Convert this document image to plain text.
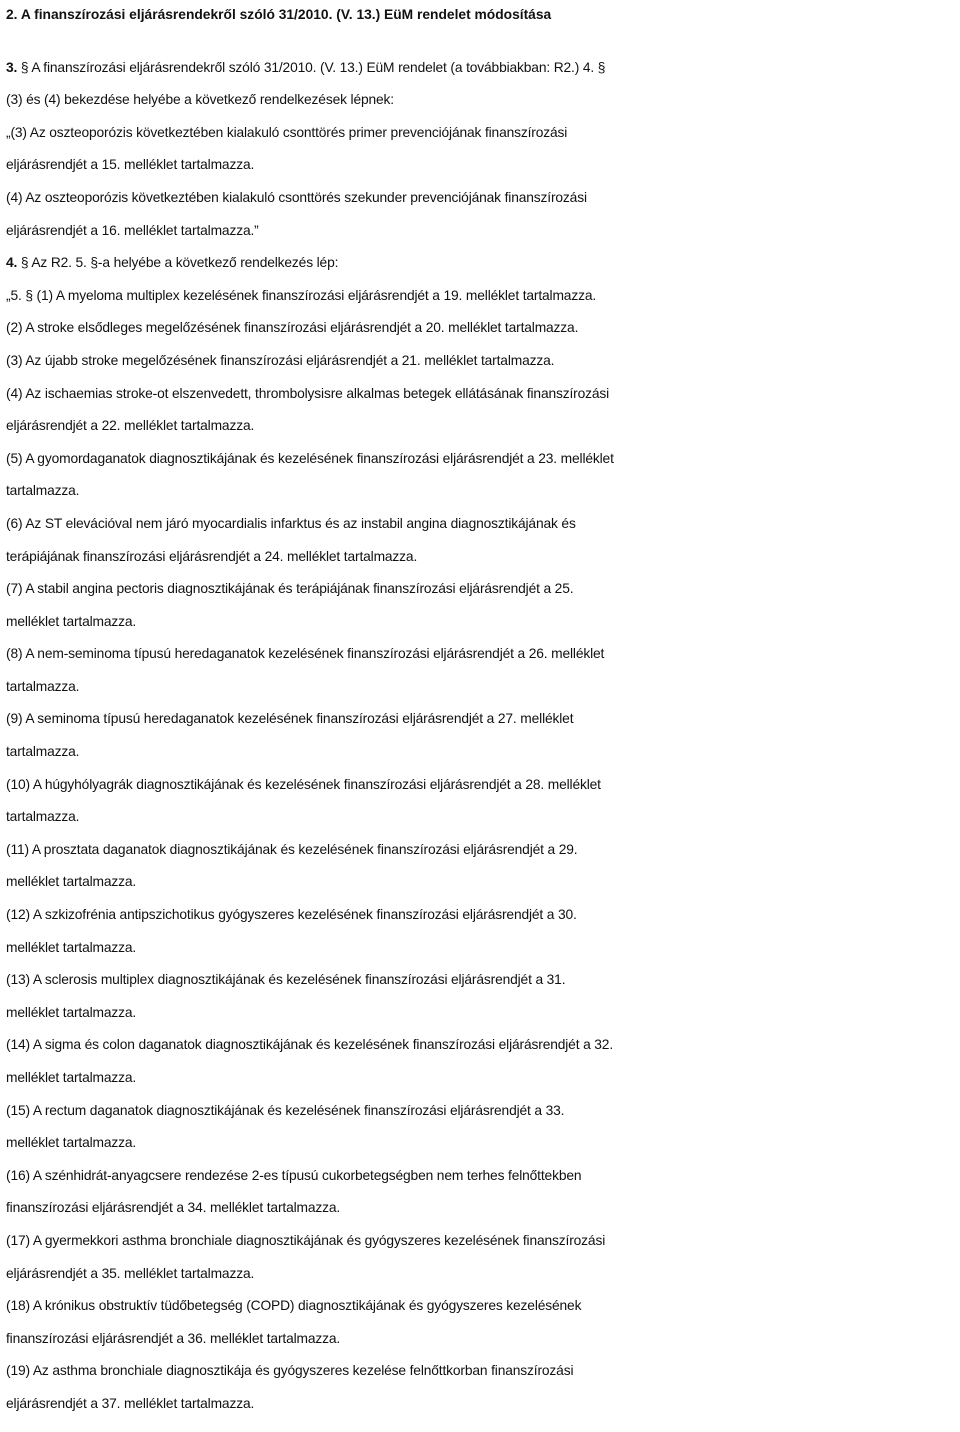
2. A finanszírozási eljárásrendekről szóló 31/2010. (V. 13.) EüM rendelet módosítása
3. § A finanszírozási eljárásrendekről szóló 31/2010. (V. 13.) EüM rendelet (a továbbiakban: R2.) 4. §
(3) és (4) bekezdése helyébe a következő rendelkezések lépnek:
„(3) Az oszteoporózis következtében kialakuló csonttörés primer prevenciójának finanszírozási
eljárásrendjét a 15. melléklet tartalmazza.
(4) Az oszteoporózis következtében kialakuló csonttörés szekunder prevenciójának finanszírozási
eljárásrendjét a 16. melléklet tartalmazza.”
4. § Az R2. 5. §-a helyébe a következő rendelkezés lép:
„5. § (1) A myeloma multiplex kezelésének finanszírozási eljárásrendjét a 19. melléklet tartalmazza.
(2) A stroke elsődleges megelőzésének finanszírozási eljárásrendjét a 20. melléklet tartalmazza.
(3) Az újabb stroke megelőzésének finanszírozási eljárásrendjét a 21. melléklet tartalmazza.
(4) Az ischaemias stroke-ot elszenvedett, thrombolysisre alkalmas betegek ellátásának finanszírozási
eljárásrendjét a 22. melléklet tartalmazza.
(5) A gyomordaganatok diagnosztikájának és kezelésének finanszírozási eljárásrendjét a 23. melléklet
tartalmazza.
(6) Az ST elevációval nem járó myocardialis infarktus és az instabil angina diagnosztikájának és
terápiájának finanszírozási eljárásrendjét a 24. melléklet tartalmazza.
(7) A stabil angina pectoris diagnosztikájának és terápiájának finanszírozási eljárásrendjét a 25.
melléklet tartalmazza.
(8) A nem-seminoma típusú heredaganatok kezelésének finanszírozási eljárásrendjét a 26. melléklet
tartalmazza.
(9) A seminoma típusú heredaganatok kezelésének finanszírozási eljárásrendjét a 27. melléklet
tartalmazza.
(10) A húgyhólyagrák diagnosztikájának és kezelésének finanszírozási eljárásrendjét a 28. melléklet
tartalmazza.
(11) A prosztata daganatok diagnosztikájának és kezelésének finanszírozási eljárásrendjét a 29.
melléklet tartalmazza.
(12) A szkizofrénia antipszichotikus gyógyszeres kezelésének finanszírozási eljárásrendjét a 30.
melléklet tartalmazza.
(13) A sclerosis multiplex diagnosztikájának és kezelésének finanszírozási eljárásrendjét a 31.
melléklet tartalmazza.
(14) A sigma és colon daganatok diagnosztikájának és kezelésének finanszírozási eljárásrendjét a 32.
melléklet tartalmazza.
(15) A rectum daganatok diagnosztikájának és kezelésének finanszírozási eljárásrendjét a 33.
melléklet tartalmazza.
(16) A szénhidrát-anyagcsere rendezése 2-es típusú cukorbetegségben nem terhes felnőttekben
finanszírozási eljárásrendjét a 34. melléklet tartalmazza.
(17) A gyermekkori asthma bronchiale diagnosztikájának és gyógyszeres kezelésének finanszírozási
eljárásrendjét a 35. melléklet tartalmazza.
(18) A krónikus obstruktív tüdőbetegség (COPD) diagnosztikájának és gyógyszeres kezelésének
finanszírozási eljárásrendjét a 36. melléklet tartalmazza.
(19) Az asthma bronchiale diagnosztikája és gyógyszeres kezelése felnőttkorban finanszírozási
eljárásrendjét a 37. melléklet tartalmazza.
